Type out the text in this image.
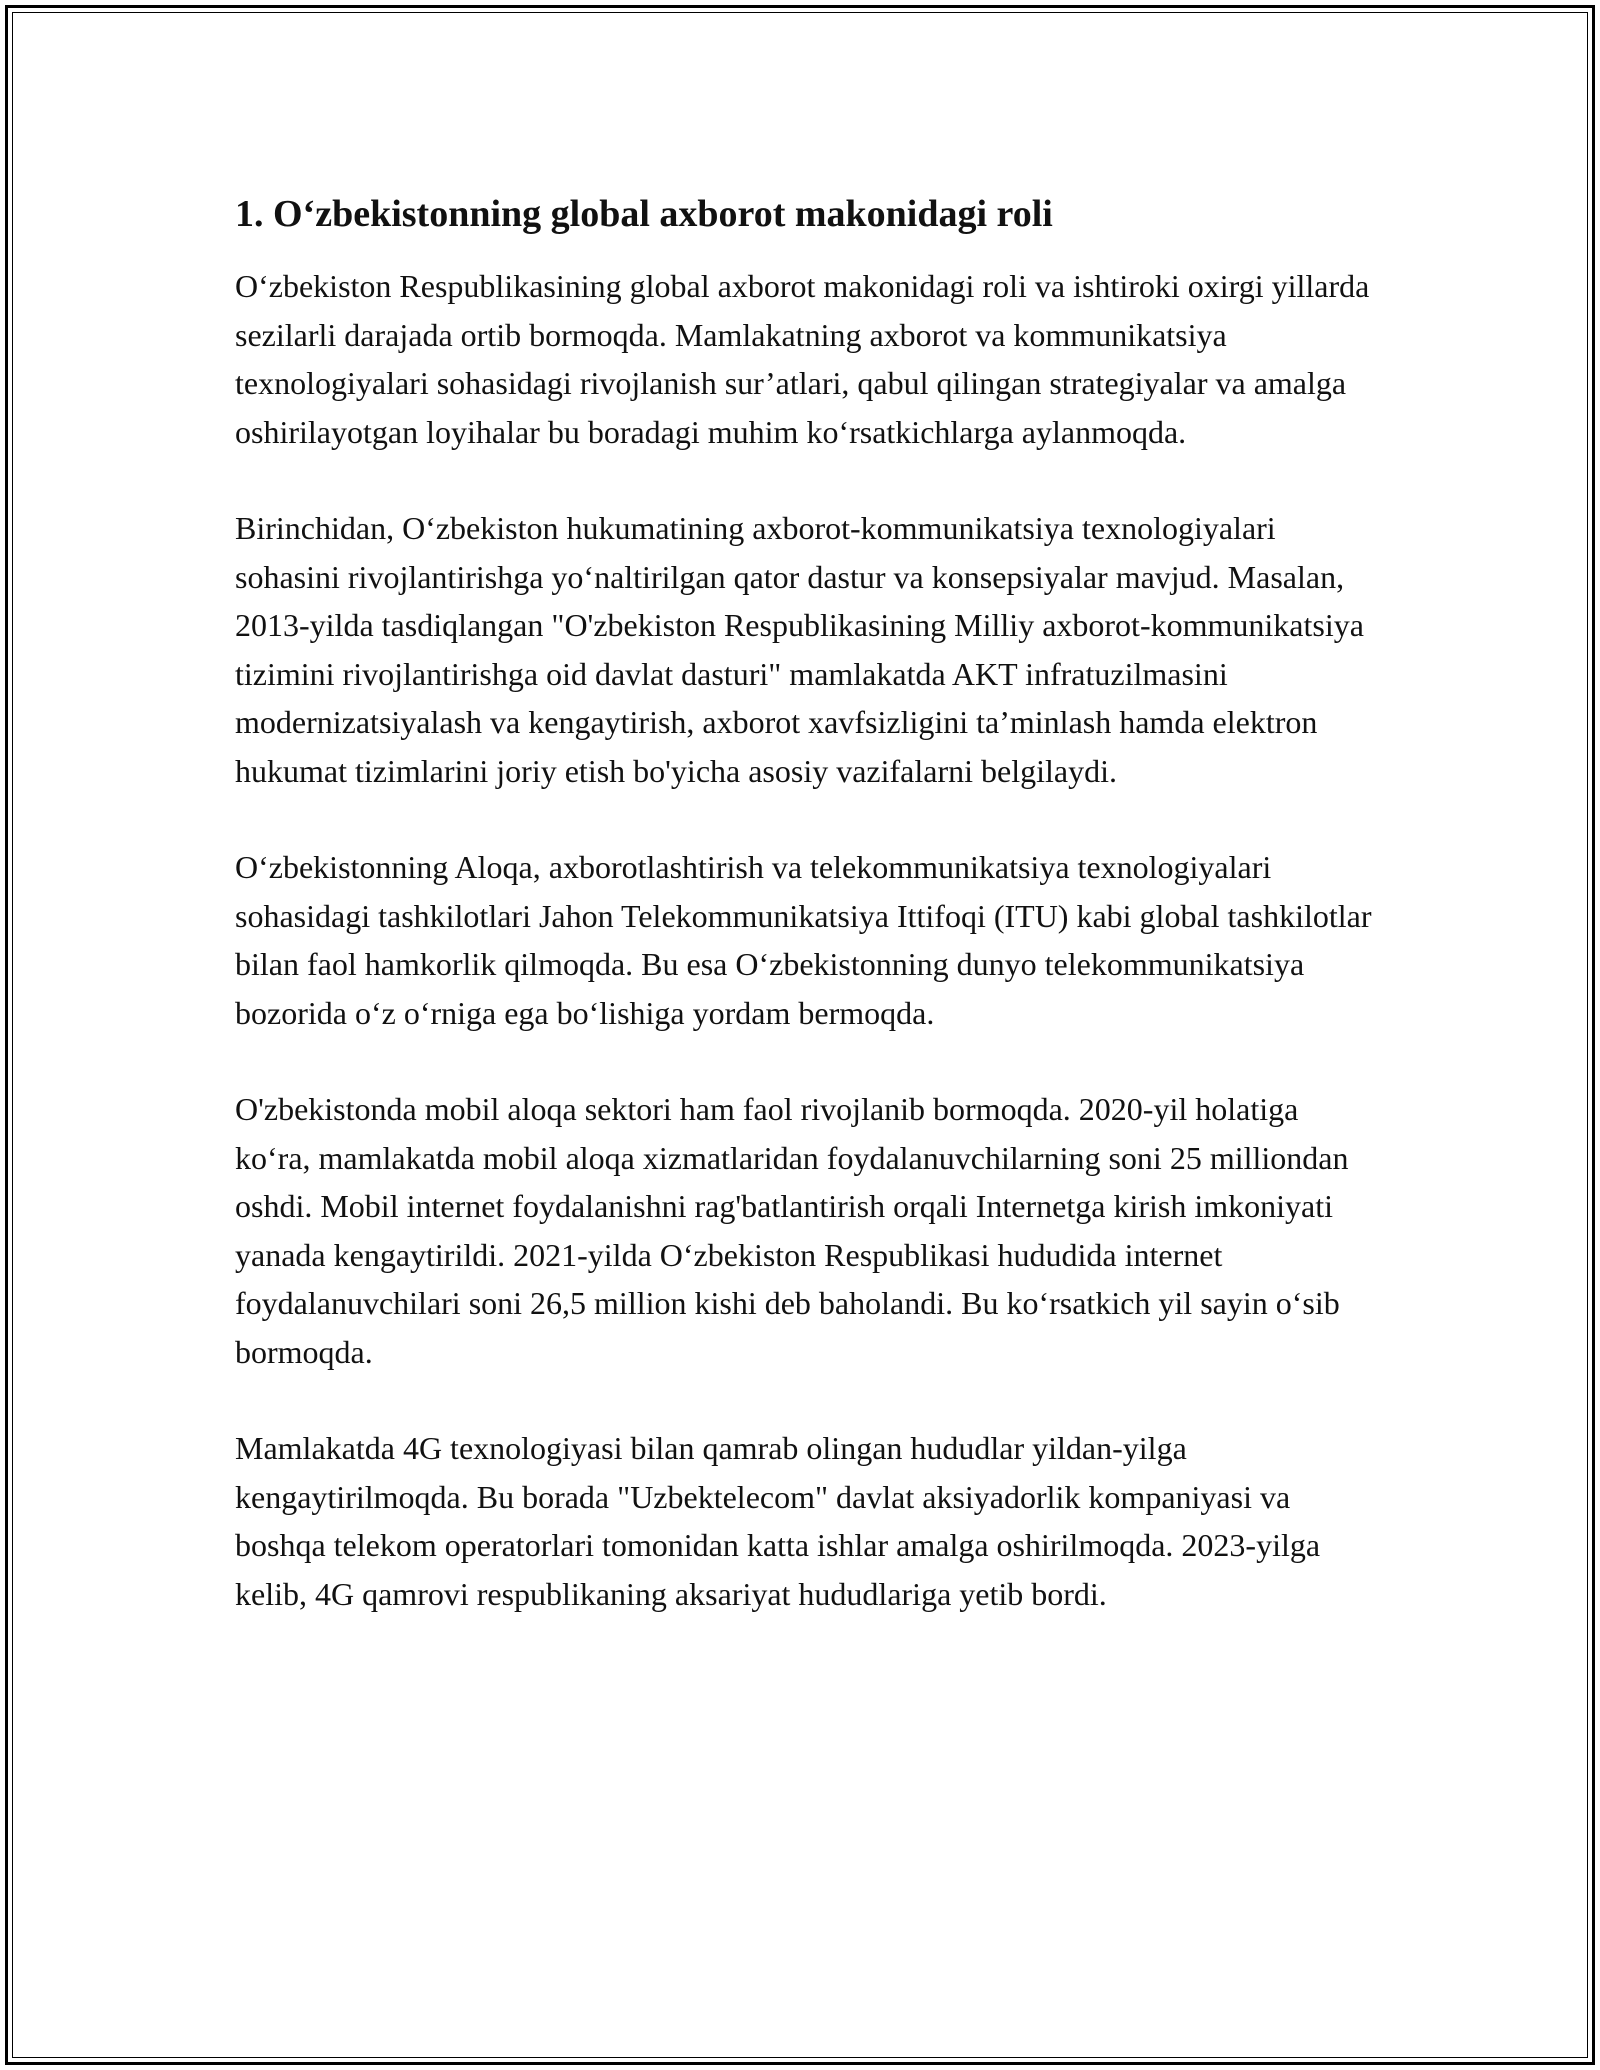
1. O‘zbekistonning global axborot makonidagi roli

O‘zbekiston Respublikasining global axborot makonidagi roli va ishtiroki oxirgi yillarda sezilarli darajada ortib bormoqda. Mamlakatning axborot va kommunikatsiya texnologiyalari sohasidagi rivojlanish sur’atlari, qabul qilingan strategiyalar va amalga oshirilayotgan loyihalar bu boradagi muhim ko‘rsatkichlarga aylanmoqda.

Birinchidan, O‘zbekiston hukumatining axborot-kommunikatsiya texnologiyalari sohasini rivojlantirishga yo‘naltirilgan qator dastur va konsepsiyalar mavjud. Masalan, 2013-yilda tasdiqlangan "O'zbekiston Respublikasining Milliy axborot-kommunikatsiya tizimini rivojlantirishga oid davlat dasturi" mamlakatda AKT infratuzilmasini modernizatsiyalash va kengaytirish, axborot xavfsizligini ta’minlash hamda elektron hukumat tizimlarini joriy etish bo'yicha asosiy vazifalarni belgilaydi.

O‘zbekistonning Aloqa, axborotlashtirish va telekommunikatsiya texnologiyalari sohasidagi tashkilotlari Jahon Telekommunikatsiya Ittifoqi (ITU) kabi global tashkilotlar bilan faol hamkorlik qilmoqda. Bu esa O‘zbekistonning dunyo telekommunikatsiya bozorida o‘z o‘rniga ega bo‘lishiga yordam bermoqda.

O'zbekistonda mobil aloqa sektori ham faol rivojlanib bormoqda. 2020-yil holatiga ko‘ra, mamlakatda mobil aloqa xizmatlaridan foydalanuvchilarning soni 25 milliondan oshdi. Mobil internet foydalanishni rag'batlantirish orqali Internetga kirish imkoniyati yanada kengaytirildi. 2021-yilda O‘zbekiston Respublikasi hududida internet foydalanuvchilari soni 26,5 million kishi deb baholandi. Bu ko‘rsatkich yil sayin o‘sib bormoqda.

Mamlakatda 4G texnologiyasi bilan qamrab olingan hududlar yildan-yilga kengaytirilmoqda. Bu borada "Uzbektelecom" davlat aksiyadorlik kompaniyasi va boshqa telekom operatorlari tomonidan katta ishlar amalga oshirilmoqda. 2023-yilga kelib, 4G qamrovi respublikaning aksariyat hududlariga yetib bordi.
